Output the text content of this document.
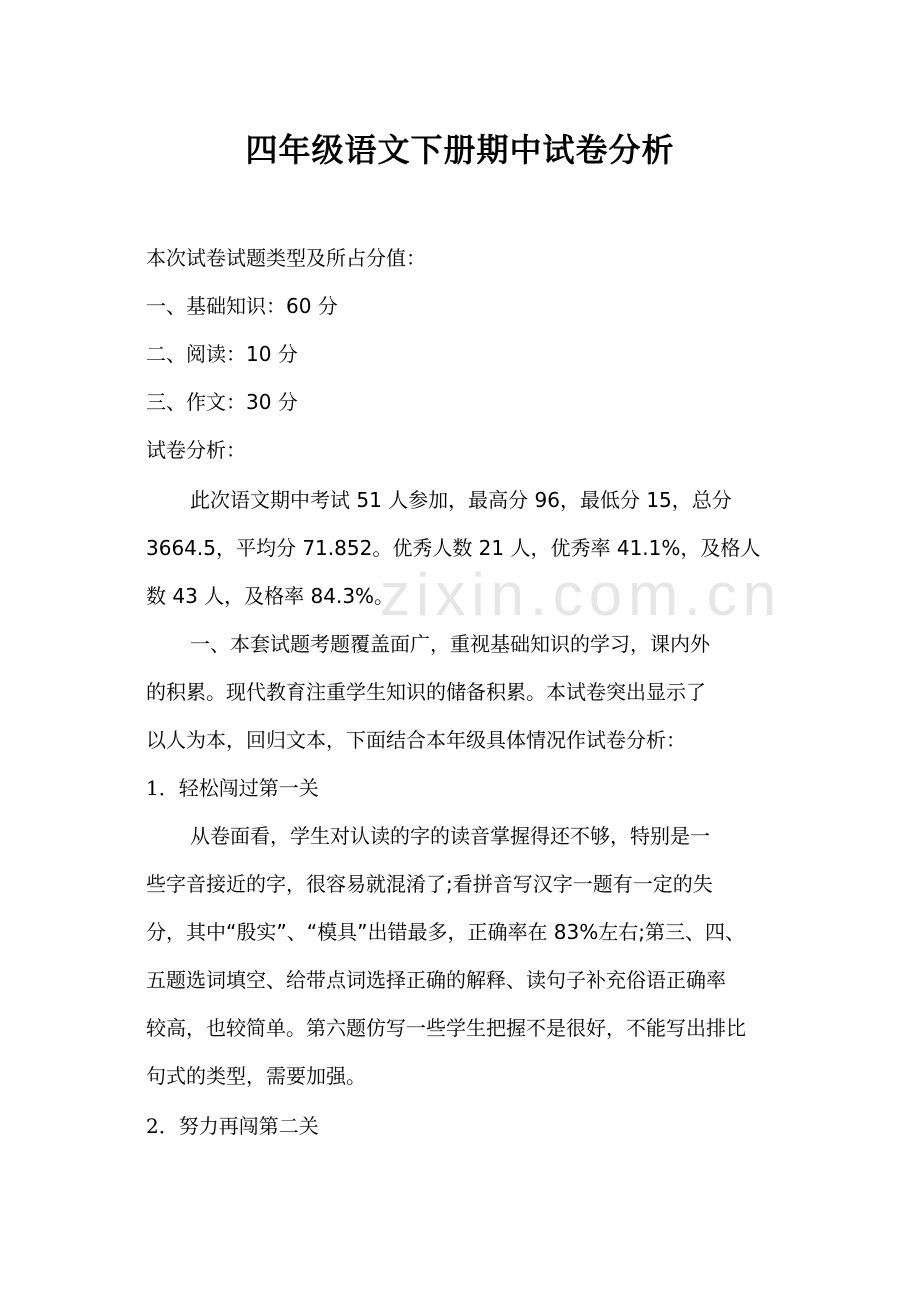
zixin.com.cn
四年级语文下册期中试卷分析
本次试卷试题类型及所占分值：
一、基础知识：60 分
二、阅读：10 分
三、作文：30 分
试卷分析：
此次语文期中考试 51 人参加，最高分 96，最低分 15，总分
3664.5，平均分 71.852。优秀人数 21 人，优秀率 41.1%，及格人
数 43 人，及格率 84.3%。
一、本套试题考题覆盖面广，重视基础知识的学习，课内外
的积累。现代教育注重学生知识的储备积累。本试卷突出显示了
以人为本，回归文本，下面结合本年级具体情况作试卷分析：
1．轻松闯过第一关
从卷面看，学生对认读的字的读音掌握得还不够，特别是一
些字音接近的字，很容易就混淆了;看拼音写汉字一题有一定的失
分，其中“殷实”、“模具”出错最多，正确率在 83%左右;第三、四、
五题选词填空、给带点词选择正确的解释、读句子补充俗语正确率
较高，也较简单。第六题仿写一些学生把握不是很好，不能写出排比
句式的类型，需要加强。
2．努力再闯第二关
